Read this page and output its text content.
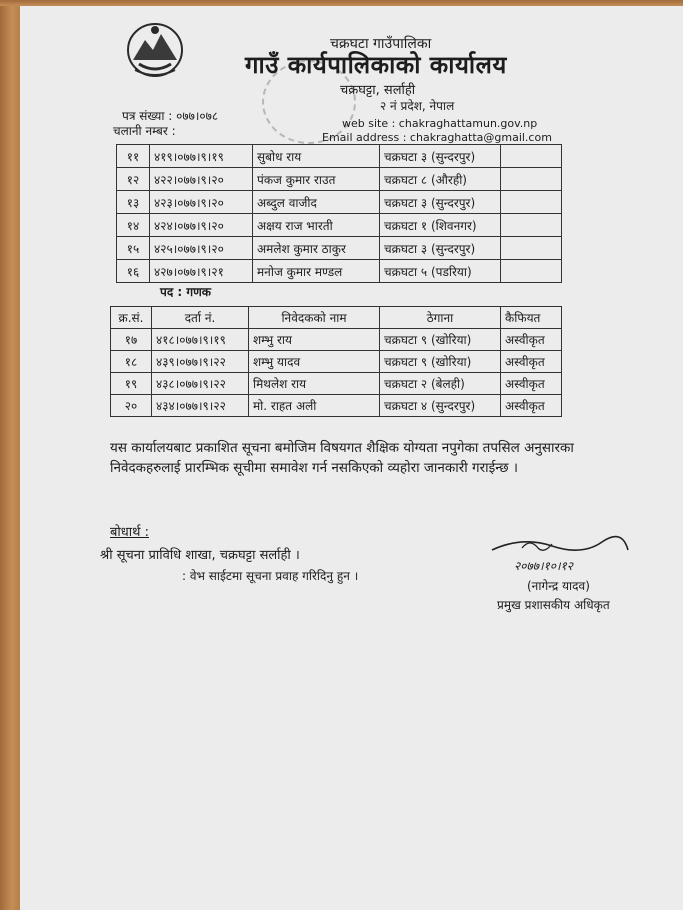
चक्रघटा गाउँपालिका
गाउँ कार्यपालिकाको कार्यालय
चक्रघट्टा, सर्लाही
२ नं प्रदेश, नेपाल
web site : chakraghattamun.gov.np
Email address : chakraghatta@gmail.com
पत्र संख्या : ०७७।०७८
चलानी नम्बर :
११	४१९।०७७।९।१९	सुबोध राय	चक्रघटा ३ (सुन्दरपुर)	
१२	४२२।०७७।९।२०	पंकज कुमार राउत	चक्रघटा ८ (औरही)	
१३	४२३।०७७।९।२०	अब्दुल वाजीद	चक्रघटा ३ (सुन्दरपुर)	
१४	४२४।०७७।९।२०	अक्षय राज भारती	चक्रघटा १ (शिवनगर)	
१५	४२५।०७७।९।२०	अमलेश कुमार ठाकुर	चक्रघटा ३ (सुन्दरपुर)	
१६	४२७।०७७।९।२१	मनोज कुमार मण्डल	चक्रघटा ५ (पडरिया)	
पद : गणक
क्र.सं.	दर्ता नं.	निवेदकको नाम	ठेगाना	कैफियत
१७	४१८।०७७।९।१९	शम्भु राय	चक्रघटा ९ (खोरिया)	अस्वीकृत
१८	४३९।०७७।९।२२	शम्भु यादव	चक्रघटा ९ (खोरिया)	अस्वीकृत
१९	४३८।०७७।९।२२	मिथलेश राय	चक्रघटा २ (बेलही)	अस्वीकृत
२०	४३४।०७७।९।२२	मो. राहत अली	चक्रघटा ४ (सुन्दरपुर)	अस्वीकृत
यस कार्यालयबाट प्रकाशित सूचना बमोजिम विषयगत शैक्षिक योग्यता नपुगेका तपसिल अनुसारका निवेदकहरुलाई प्रारम्भिक सूचीमा समावेश गर्न नसकिएको व्यहोरा जानकारी गराईन्छ ।
बोधार्थ :
श्री सूचना प्राविधि शाखा, चक्रघट्टा सर्लाही ।
: वेभ साईटमा सूचना प्रवाह गरिदिनु हुन ।
२०७७।१०।१२
(नागेन्द्र यादव)
प्रमुख प्रशासकीय अधिकृत
